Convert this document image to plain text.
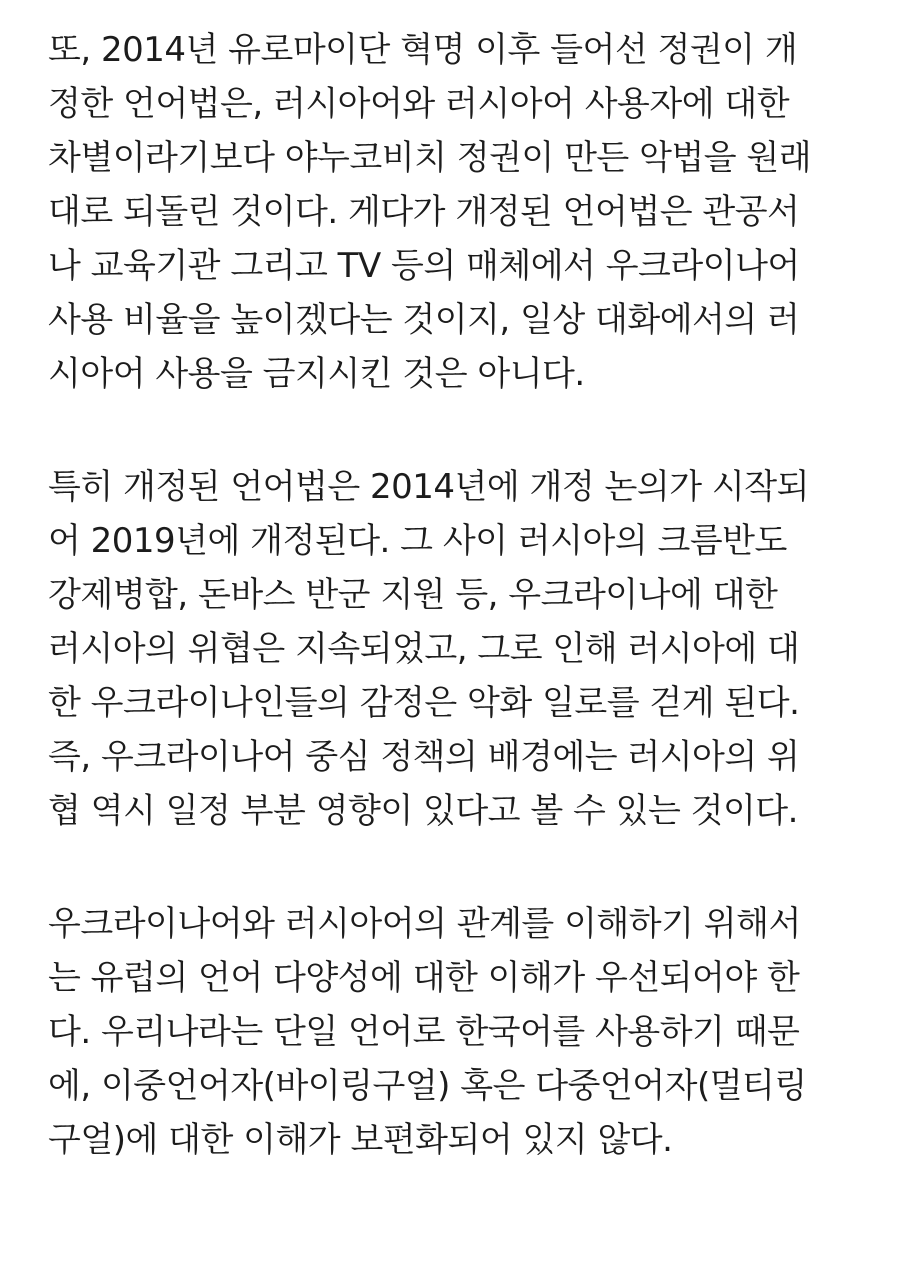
또, 2014년 유로마이단 혁명 이후 들어선 정권이 개
정한 언어법은, 러시아어와 러시아어 사용자에 대한
차별이라기보다 야누코비치 정권이 만든 악법을 원래
대로 되돌린 것이다. 게다가 개정된 언어법은 관공서
나 교육기관 그리고 TV 등의 매체에서 우크라이나어
사용 비율을 높이겠다는 것이지, 일상 대화에서의 러
시아어 사용을 금지시킨 것은 아니다.

특히 개정된 언어법은 2014년에 개정 논의가 시작되
어 2019년에 개정된다. 그 사이 러시아의 크름반도
강제병합, 돈바스 반군 지원 등, 우크라이나에 대한
러시아의 위협은 지속되었고, 그로 인해 러시아에 대
한 우크라이나인들의 감정은 악화 일로를 걷게 된다.
즉, 우크라이나어 중심 정책의 배경에는 러시아의 위
협 역시 일정 부분 영향이 있다고 볼 수 있는 것이다.

우크라이나어와 러시아어의 관계를 이해하기 위해서
는 유럽의 언어 다양성에 대한 이해가 우선되어야 한
다. 우리나라는 단일 언어로 한국어를 사용하기 때문
에, 이중언어자(바이링구얼) 혹은 다중언어자(멀티링
구얼)에 대한 이해가 보편화되어 있지 않다.
